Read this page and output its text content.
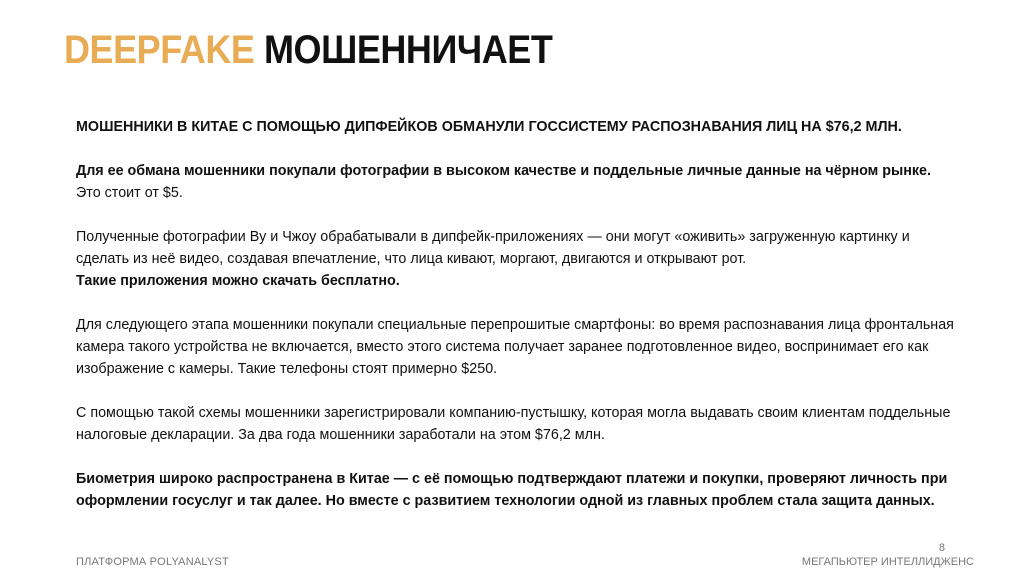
DEEPFAKE МОШЕННИЧАЕТ

МОШЕННИКИ В КИТАЕ С ПОМОЩЬЮ ДИПФЕЙКОВ ОБМАНУЛИ ГОССИСТЕМУ РАСПОЗНАВАНИЯ ЛИЦ НА $76,2 МЛН.

Для ее обмана мошенники покупали фотографии в высоком качестве и поддельные личные данные на чёрном рынке. Это стоит от $5.

Полученные фотографии Ву и Чжоу обрабатывали в дипфейк-приложениях — они могут «оживить» загруженную картинку и сделать из неё видео, создавая впечатление, что лица кивают, моргают, двигаются и открывают рот.
Такие приложения можно скачать бесплатно.

Для следующего этапа мошенники покупали специальные перепрошитые смартфоны: во время распознавания лица фронтальная камера такого устройства не включается, вместо этого система получает заранее подготовленное видео, воспринимает его как изображение с камеры. Такие телефоны стоят примерно $250.

С помощью такой схемы мошенники зарегистрировали компанию-пустышку, которая могла выдавать своим клиентам поддельные налоговые декларации. За два года мошенники заработали на этом $76,2 млн.

Биометрия широко распространена в Китае — с её помощью подтверждают платежи и покупки, проверяют личность при оформлении госуслуг и так далее. Но вместе с развитием технологии одной из главных проблем стала защита данных.

8
ПЛАТФОРМА POLYANALYST	МЕГАПЬЮТЕР ИНТЕЛЛИДЖЕНС
